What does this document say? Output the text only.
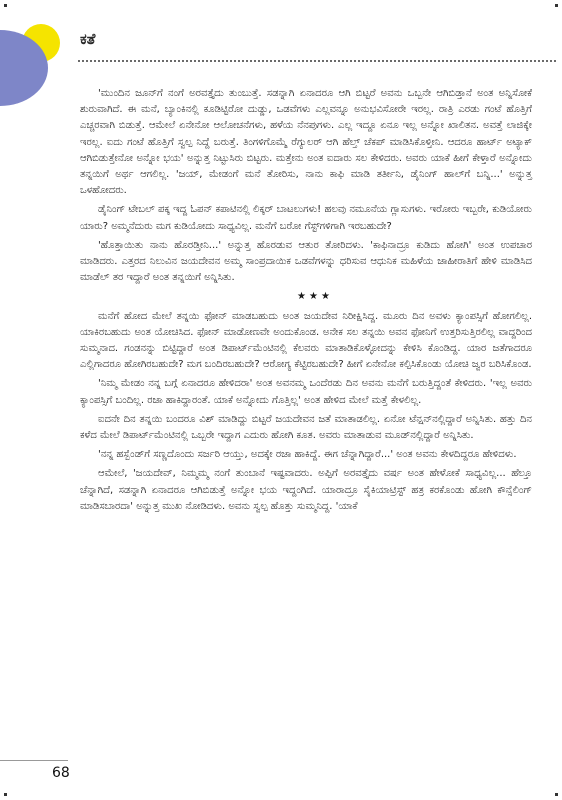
ಕತೆ

'ಮುಂದಿನ ಜೂನ್‌ಗೆ ನಂಗೆ ಅರವತ್ತೈದು ತುಂಬುತ್ತೆ. ಸಡನ್ನಾಗಿ ಏನಾದರೂ ಆಗಿ ಬಿಟ್ಟರೆ ಅವನು ಒಬ್ಬನೇ ಆಗಿಬಿಡ್ತಾನೆ ಅಂತ ಅನ್ನಿಸೋಕೆ ಶುರುವಾಗಿದೆ. ಈ ಮನೆ, ಬ್ಯಾಂಕಿನಲ್ಲಿ ಕೂಡಿಟ್ಟಿರೋ ದುಡ್ಡು, ಒಡವೆಗಳು ಎಲ್ಲವನ್ನೂ ಅನುಭವಿಸೋರೇ ಇರಲ್ಲ. ರಾತ್ರಿ ಎರಡು ಗಂಟೆ ಹೊತ್ತಿಗೆ ಎಚ್ಚರವಾಗಿ ಬಿಡುತ್ತೆ. ಆಮೇಲೆ ಏನೇನೋ ಆಲೋಚನೆಗಳು, ಹಳೆಯ ನೆನಪುಗಳು. ಎಲ್ಲ ಇದ್ದೂ ಏನೂ ಇಲ್ಲ ಅನ್ನೋ ಖಾಲಿತನ. ಅವತ್ತೆ ಲಾಜಿಕ್ಕೇ ಇರಲ್ಲ. ಐದು ಗಂಟೆ ಹೊತ್ತಿಗೆ ಸ್ವಲ್ಪ ನಿದ್ದೆ ಬರುತ್ತೆ. ತಿಂಗಳಿಗೊಮ್ಮೆ ರೆಗ್ಯುಲರ್ ಆಗಿ ಹೆಲ್ತ್ ಚೆಕಪ್ ಮಾಡಿಸಿಕೊಳ್ತೀನಿ. ಆದರೂ ಹಾರ್ಟ್ ಅಟ್ಯಾಕ್ ಆಗಿಬಿಡುತ್ತೇನೋ ಅನ್ನೋ ಭಯ' ಅನ್ನುತ್ತ ನಿಟ್ಟುಸಿರು ಬಿಟ್ಟರು. ಮತ್ತೇನು ಅಂತ ಐದಾರು ಸಲ ಕೇಳಿದರು. ಅವರು ಯಾಕೆ ಹೀಗೆ ಕೇಳ್ತಾರೆ ಅನ್ನೋದು ತನ್ನಯಿಗೆ ಅರ್ಥ ಆಗಲಿಲ್ಲ. 'ಜಯ್, ಮೇಡಂಗೆ ಮನೆ ತೋರಿಸು, ನಾನು ಕಾಫಿ ಮಾಡಿ ತರ್ತೀನಿ, ಡೈನಿಂಗ್ ಹಾಲ್‌ಗೆ ಬನ್ನಿ...' ಅನ್ನುತ್ತ ಒಳಹೋದರು.

ಡೈನಿಂಗ್ ಟೇಬಲ್ ಪಕ್ಕ ಇದ್ದ ಓಪನ್ ಕಪಾಟಿನಲ್ಲಿ ಲಿಕ್ಕರ್ ಬಾಟಲುಗಳು! ಹಲವು ನಮೂನೆಯ ಗ್ಲಾಸುಗಳು. ಇರೋರು ಇಬ್ಬರೇ, ಕುಡಿಯೋರು ಯಾರು? ಅಮ್ಮನೆದುರು ಮಗ ಕುಡಿಯೋದು ಸಾಧ್ಯವಿಲ್ಲ. ಮನೆಗೆ ಬರೋ ಗೆಸ್ಟ್‌ಗಳಿಗಾಗಿ ಇರಬಹುದೇ?

'ಹೊತ್ತಾಯಿತು ನಾನು ಹೊರಡ್ತೀನಿ...' ಅನ್ನುತ್ತ ಹೊರಡುವ ಆತುರ ತೋರಿದಳು. 'ಕಾಫಿನಾದ್ರೂ ಕುಡಿದು ಹೋಗಿ' ಅಂತ ಉಪಚಾರ ಮಾಡಿದರು. ಎತ್ತರದ ನಿಲುವಿನ ಜಯದೇವನ ಅಮ್ಮ ಸಾಂಪ್ರದಾಯಿಕ ಒಡವೆಗಳನ್ನು ಧರಿಸುವ ಆಧುನಿಕ ಮಹಿಳೆಯ ಜಾಹೀರಾತಿಗೆ ಹೇಳಿ ಮಾಡಿಸಿದ ಮಾಡೆಲ್ ತರ ಇದ್ದಾರೆ ಅಂತ ತನ್ನಯಿಗೆ ಅನ್ನಿಸಿತು.

★★★

ಮನೆಗೆ ಹೋದ ಮೇಲೆ ತನ್ನಯಿ ಫೋನ್ ಮಾಡಬಹುದು ಅಂತ ಜಯದೇವ ನಿರೀಕ್ಷಿಸಿದ್ದ. ಮೂರು ದಿನ ಅವಳು ಕ್ಯಾಂಪಸ್ಸಿಗೆ ಹೋಗಲಿಲ್ಲ. ಯಾಕಿರಬಹುದು ಅಂತ ಯೋಚಿಸಿದ. ಫೋನ್ ಮಾಡೋಣವೇ ಅಂದುಕೊಂಡ. ಅನೇಕ ಸಲ ತನ್ನಯಿ ಅವನ ಫೋನಿಗೆ ಉತ್ತರಿಸುತ್ತಿರಲಿಲ್ಲ ವಾದ್ದರಿಂದ ಸುಮ್ಮನಾದ. ಗಂಡನನ್ನು ಬಿಟ್ಟಿದ್ದಾರೆ ಅಂತ ಡಿಪಾರ್ಟ್‌ಮೆಂಟಿನಲ್ಲಿ ಕೆಲವರು ಮಾತಾಡಿಕೊಳ್ಳೋದನ್ನು ಕೇಳಿಸಿ ಕೊಂಡಿದ್ದ. ಯಾರ ಜತೆಗಾದರೂ ಎಲ್ಲಿಗಾದರೂ ಹೋಗಿರಬಹುದೇ? ಮಗ ಬಂದಿರಬಹುದೇ? ಆರೋಗ್ಯ ಕೆಟ್ಟಿರಬಹುದೇ? ಹೀಗೆ ಏನೇನೋ ಕಲ್ಪಿಸಿಕೊಂಡು ಯೋಚಿ ಜ್ವರ ಬರಿಸಿಕೊಂಡ.

'ನಿಮ್ಮ ಮೇಡಂ ನನ್ನ ಬಗ್ಗೆ ಏನಾದರೂ ಹೇಳಿದರಾ' ಅಂತ ಅವನಮ್ಮ ಒಂದೆರಡು ದಿನ ಅವನು ಮನೆಗೆ ಬರುತ್ತಿದ್ದಂತೆ ಕೇಳಿದರು. 'ಇಲ್ಲ ಅವರು ಕ್ಯಾಂಪಸ್ಸಿಗೆ ಬಂದಿಲ್ಲ. ರಜಾ ಹಾಕಿದ್ದಾರಂತೆ. ಯಾಕೆ ಅನ್ನೋದು ಗೊತ್ತಿಲ್ಲ' ಅಂತ ಹೇಳಿದ ಮೇಲೆ ಮತ್ತೆ ಕೇಳಲಿಲ್ಲ.

ಐದನೇ ದಿನ ತನ್ನಯಿ ಬಂದರೂ ವಿಶ್ ಮಾಡಿದ್ದು ಬಿಟ್ಟರೆ ಜಯದೇವನ ಜತೆ ಮಾತಾಡಲಿಲ್ಲ. ಏನೋ ಟೆನ್ಷನ್‌ನಲ್ಲಿದ್ದಾರೆ ಅನ್ನಿಸಿತು. ಹತ್ತು ದಿನ ಕಳೆದ ಮೇಲೆ ಡಿಪಾರ್ಟ್‌ಮೆಂಟಿನಲ್ಲಿ ಒಬ್ಬರೇ ಇದ್ದಾಗ ಎದುರು ಹೋಗಿ ಕೂತ. ಅವರು ಮಾತಾಡುವ ಮೂಡ್‌ನಲ್ಲಿದ್ದಾರೆ ಅನ್ನಿಸಿತು.

'ನನ್ನ ಹಸ್ಬೆಂಡ್‌ಗೆ ಸಣ್ಣದೊಂದು ಸರ್ಜರಿ ಆಯ್ತು, ಅದಕ್ಕೇ ರಜಾ ಹಾಕಿದ್ದೆ. ಈಗ ಚೆನ್ನಾಗಿದ್ದಾರೆ...' ಅಂತ ಅವನು ಕೇಳದಿದ್ದರೂ ಹೇಳಿದಳು.

ಆಮೇಲೆ, 'ಜಯದೇವ್, ನಿಮ್ಮಮ್ಮ ನಂಗೆ ತುಂಬಾನೆ ಇಷ್ಟವಾದರು. ಅಪ್ಪಿಗೆ ಅರವತ್ತೈದು ವರ್ಷ ಅಂತ ಹೇಳೋಕೆ ಸಾಧ್ಯವಿಲ್ಲ... ಹೆಲ್ತೂ ಚೆನ್ನಾಗಿದೆ, ಸಡನ್ನಾಗಿ ಏನಾದರೂ ಆಗಿಬಿಡುತ್ತೆ ಅನ್ನೋ ಭಯ ಇದ್ದಂಗಿದೆ. ಯಾರಾದ್ರೂ ಸೈಕಿಯಾಟ್ರಿಸ್ಟ್ ಹತ್ರ ಕರಕೊಂಡು ಹೋಗಿ ಕೌನ್ಸೆಲಿಂಗ್ ಮಾಡಿಸಬಾರದಾ' ಅನ್ನುತ್ತ ಮುಖ ನೋಡಿದಳು. ಅವನು ಸ್ವಲ್ಪ ಹೊತ್ತು ಸುಮ್ಮನಿದ್ದ. 'ಯಾಕೆ

68
